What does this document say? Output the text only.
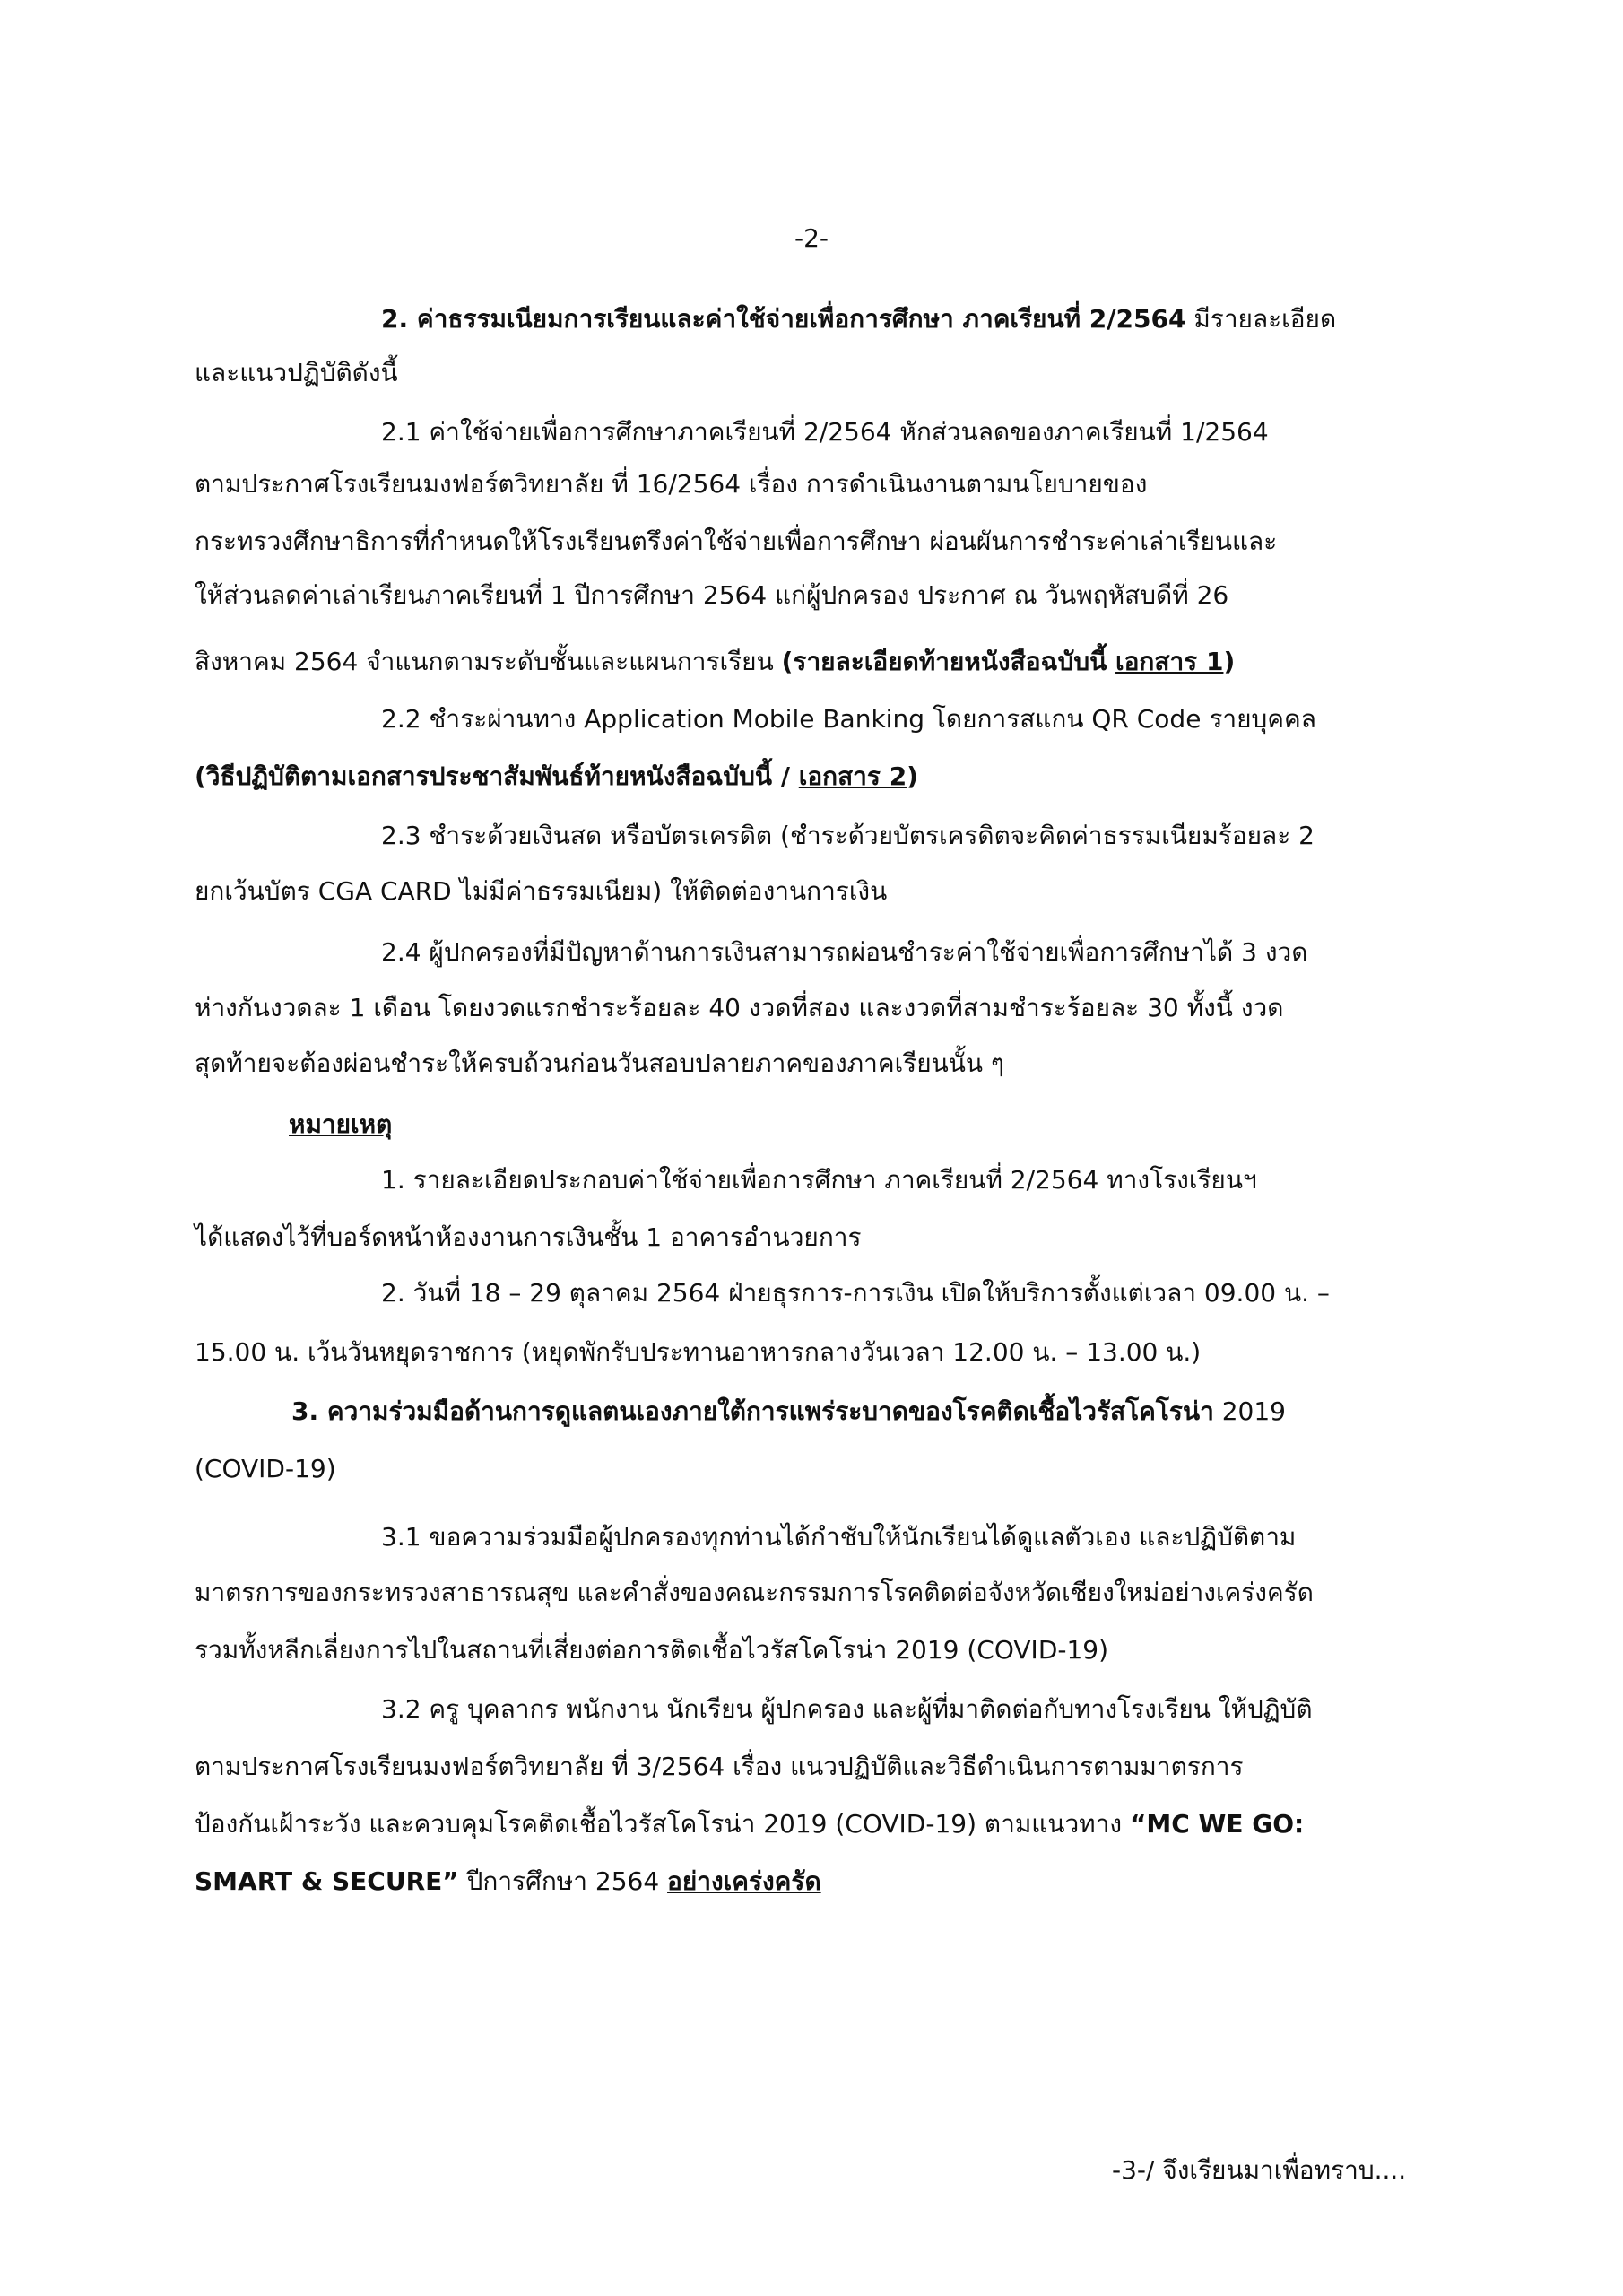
-2-
2. ค่าธรรมเนียมการเรียนและค่าใช้จ่ายเพื่อการศึกษา ภาคเรียนที่ 2/2564 มีรายละเอียด
และแนวปฏิบัติดังนี้
2.1 ค่าใช้จ่ายเพื่อการศึกษาภาคเรียนที่ 2/2564 หักส่วนลดของภาคเรียนที่ 1/2564
ตามประกาศโรงเรียนมงฟอร์ตวิทยาลัย ที่ 16/2564 เรื่อง การดำเนินงานตามนโยบายของ
กระทรวงศึกษาธิการที่กำหนดให้โรงเรียนตรึงค่าใช้จ่ายเพื่อการศึกษา ผ่อนผันการชำระค่าเล่าเรียนและ
ให้ส่วนลดค่าเล่าเรียนภาคเรียนที่ 1 ปีการศึกษา 2564 แก่ผู้ปกครอง ประกาศ ณ วันพฤหัสบดีที่ 26
สิงหาคม 2564 จำแนกตามระดับชั้นและแผนการเรียน (รายละเอียดท้ายหนังสือฉบับนี้ เอกสาร 1)
2.2 ชำระผ่านทาง Application Mobile Banking โดยการสแกน QR Code รายบุคคล
(วิธีปฏิบัติตามเอกสารประชาสัมพันธ์ท้ายหนังสือฉบับนี้ / เอกสาร 2)
2.3 ชำระด้วยเงินสด หรือบัตรเครดิต (ชำระด้วยบัตรเครดิตจะคิดค่าธรรมเนียมร้อยละ 2
ยกเว้นบัตร CGA CARD ไม่มีค่าธรรมเนียม) ให้ติดต่องานการเงิน
2.4 ผู้ปกครองที่มีปัญหาด้านการเงินสามารถผ่อนชำระค่าใช้จ่ายเพื่อการศึกษาได้ 3 งวด
ห่างกันงวดละ 1 เดือน โดยงวดแรกชำระร้อยละ 40 งวดที่สอง และงวดที่สามชำระร้อยละ 30 ทั้งนี้ งวด
สุดท้ายจะต้องผ่อนชำระให้ครบถ้วนก่อนวันสอบปลายภาคของภาคเรียนนั้น ๆ
หมายเหตุ
1. รายละเอียดประกอบค่าใช้จ่ายเพื่อการศึกษา ภาคเรียนที่ 2/2564 ทางโรงเรียนฯ
ได้แสดงไว้ที่บอร์ดหน้าห้องงานการเงินชั้น 1 อาคารอำนวยการ
2. วันที่ 18 – 29 ตุลาคม 2564 ฝ่ายธุรการ-การเงิน เปิดให้บริการตั้งแต่เวลา 09.00 น. –
15.00 น. เว้นวันหยุดราชการ (หยุดพักรับประทานอาหารกลางวันเวลา 12.00 น. – 13.00 น.)
3. ความร่วมมือด้านการดูแลตนเองภายใต้การแพร่ระบาดของโรคติดเชื้อไวรัสโคโรน่า 2019
(COVID-19)
3.1 ขอความร่วมมือผู้ปกครองทุกท่านได้กำชับให้นักเรียนได้ดูแลตัวเอง และปฏิบัติตาม
มาตรการของกระทรวงสาธารณสุข และคำสั่งของคณะกรรมการโรคติดต่อจังหวัดเชียงใหม่อย่างเคร่งครัด
รวมทั้งหลีกเลี่ยงการไปในสถานที่เสี่ยงต่อการติดเชื้อไวรัสโคโรน่า 2019 (COVID-19)
3.2 ครู บุคลากร พนักงาน นักเรียน ผู้ปกครอง และผู้ที่มาติดต่อกับทางโรงเรียน ให้ปฏิบัติ
ตามประกาศโรงเรียนมงฟอร์ตวิทยาลัย ที่ 3/2564 เรื่อง แนวปฏิบัติและวิธีดำเนินการตามมาตรการ
ป้องกันเฝ้าระวัง และควบคุมโรคติดเชื้อไวรัสโคโรน่า 2019 (COVID-19) ตามแนวทาง “MC WE GO:
SMART & SECURE” ปีการศึกษา 2564 อย่างเคร่งครัด
-3-/ จึงเรียนมาเพื่อทราบ....
